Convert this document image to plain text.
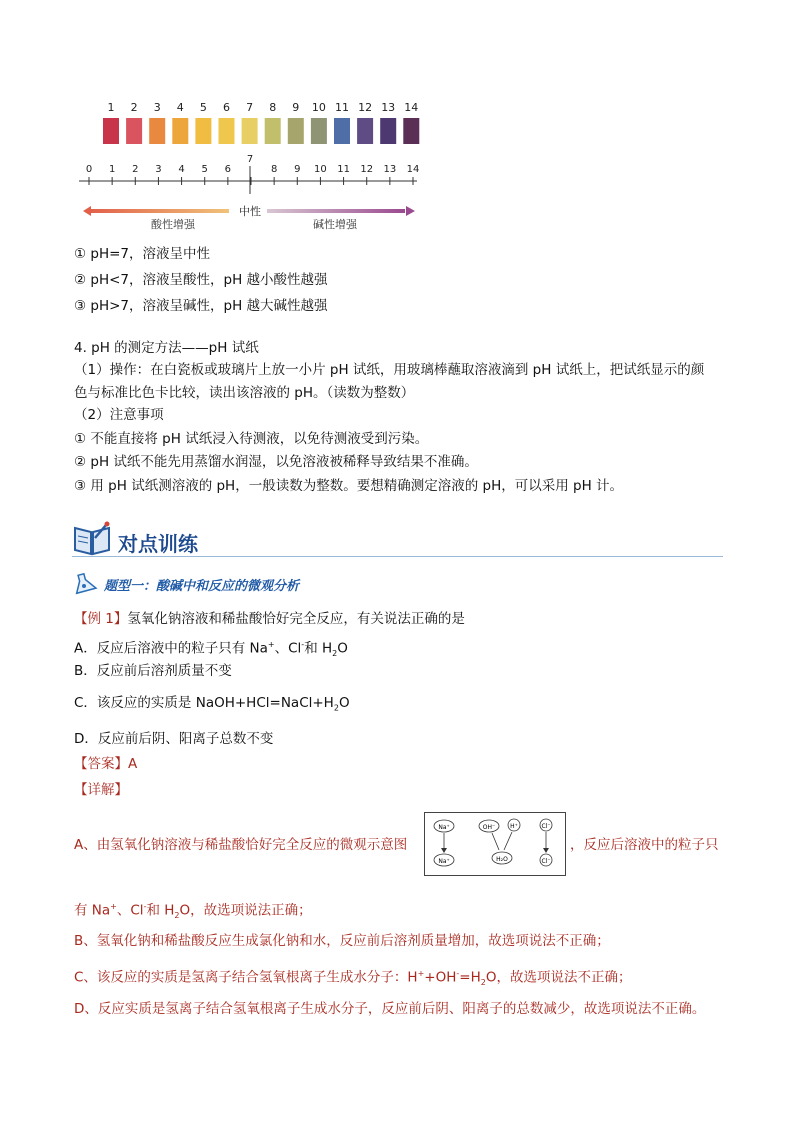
1 2 3 4 5 6 7 8 9 10 11 12 13 14
0 1 2 3 4 5 6	8 9 10 11 12 13 14
7
中性
酸性增强	碱性增强
① pH=7，溶液呈中性
② pH<7，溶液呈酸性，pH 越小酸性越强
③ pH>7，溶液呈碱性，pH 越大碱性越强
4. pH 的测定方法——pH 试纸
（1）操作：在白瓷板或玻璃片上放一小片 pH 试纸，用玻璃棒蘸取溶液滴到 pH 试纸上，把试纸显示的颜
色与标准比色卡比较，读出该溶液的 pH。（读数为整数）
（2）注意事项
① 不能直接将 pH 试纸浸入待测液，以免待测液受到污染。
② pH 试纸不能先用蒸馏水润湿，以免溶液被稀释导致结果不准确。
③ 用 pH 试纸测溶液的 pH，一般读数为整数。要想精确测定溶液的 pH，可以采用 pH 计。
对点训练
题型一：酸碱中和反应的微观分析
【例 1】氢氧化钠溶液和稀盐酸恰好完全反应，有关说法正确的是
A．反应后溶液中的粒子只有 Na+、Cl-和 $H_2O$
B．反应前后溶剂质量不变
C．该反应的实质是 $NaOH+HCl=NaCl+H_2O$
D．反应前后阴、阳离子总数不变
【答案】A
【详解】
A、由氢氧化钠溶液与稀盐酸恰好完全反应的微观示意图
Na⁺
Na⁺
OH⁻ H⁺
H₂O
Cl⁻
Cl⁻
，反应后溶液中的粒子只
有 Na+、Cl-和 $H_2O$，故选项说法正确；
B、氢氧化钠和稀盐酸反应生成氯化钠和水，反应前后溶剂质量增加，故选项说法不正确；
C、该反应的实质是氢离子结合氢氧根离子生成水分子：$H^++OH^-=H_2O$，故选项说法不正确；
D、反应实质是氢离子结合氢氧根离子生成水分子，反应前后阴、阳离子的总数减少，故选项说法不正确。
